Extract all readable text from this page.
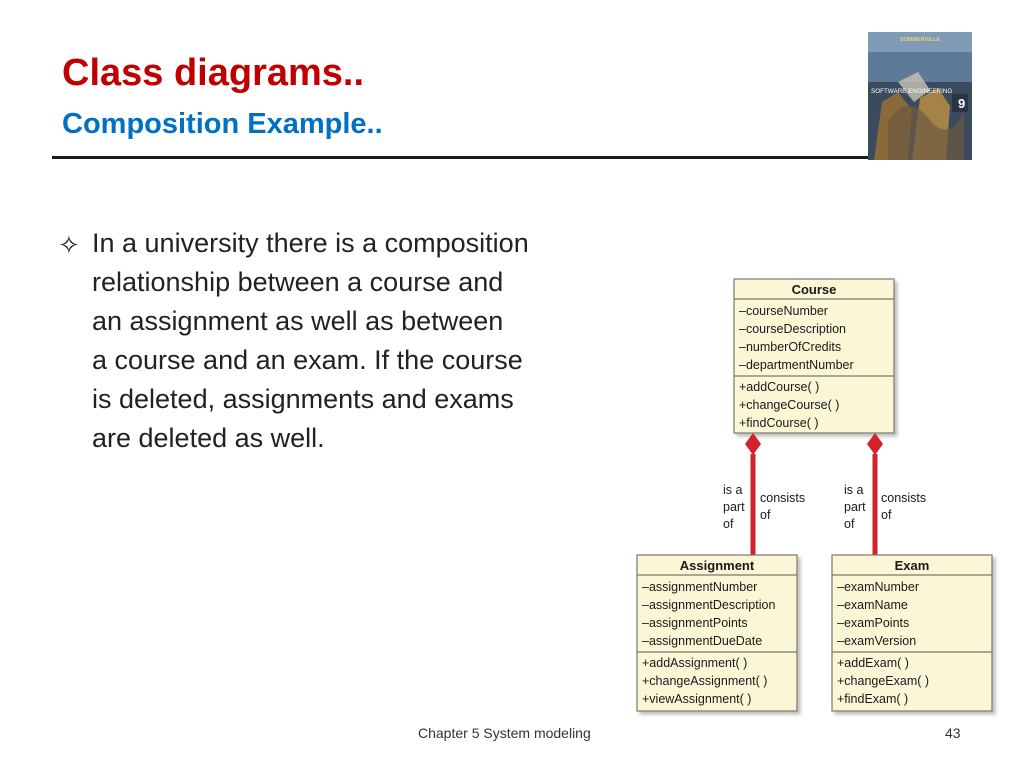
Class diagrams..
Composition Example..
SOMMERVILLE
SOFTWARE ENGINEERING
9
✧ In a university there is a composition
relationship between a course and
an assignment as well as between
a course and an exam. If the course
is deleted, assignments and exams
are deleted as well.
Course
–courseNumber
–courseDescription
–numberOfCredits
–departmentNumber
+addCourse( )
+changeCourse( )
+findCourse( )
is a
part
of
consists
of
is a
part
of
consists
of
Assignment
–assignmentNumber
–assignmentDescription
–assignmentPoints
–assignmentDueDate
+addAssignment( )
+changeAssignment( )
+viewAssignment( )
Exam
–examNumber
–examName
–examPoints
–examVersion
+addExam( )
+changeExam( )
+findExam( )
Chapter 5 System modeling	43
